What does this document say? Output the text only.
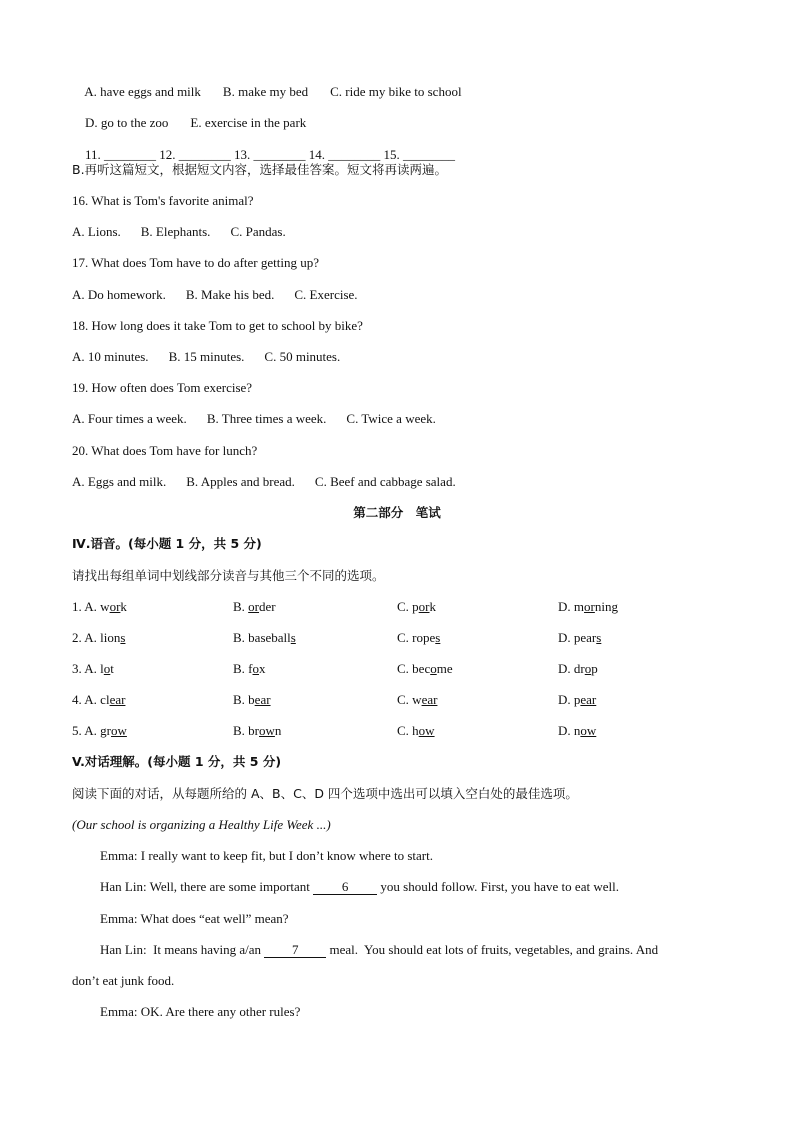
A. have eggs and milk B. make my bed C. ride my bike to school

D. go to the zoo E. exercise in the park

11. ________ 12. ________ 13. ________ 14. ________ 15. ________

B.再听这篇短文，根据短文内容，选择最佳答案。短文将再读两遍。
16. What is Tom's favorite animal?
A. Lions. B. Elephants. C. Pandas.
17. What does Tom have to do after getting up?
A. Do homework. B. Make his bed. C. Exercise.
18. How long does it take Tom to get to school by bike?
A. 10 minutes. B. 15 minutes. C. 50 minutes.
19. How often does Tom exercise?
A. Four times a week. B. Three times a week. C. Twice a week.
20. What does Tom have for lunch?
A. Eggs and milk. B. Apples and bread. C. Beef and cabbage salad.
第二部分　笔试
Ⅳ.语音。(每小题 1 分，共 5 分)
请找出每组单词中划线部分读音与其他三个不同的选项。
1. A. work	B. order	C. pork	D. morning
2. A. lions	B. baseballs	C. ropes	D. pears
3. A. lot	B. fox	C. become	D. drop
4. A. clear	B. bear	C. wear	D. pear
5. A. grow	B. brown	C. how	D. now
V.对话理解。(每小题 1 分，共 5 分)
阅读下面的对话，从每题所给的 A、B、C、D 四个选项中选出可以填入空白处的最佳选项。
(Our school is organizing a Healthy Life Week ...)
Emma: I really want to keep fit, but I don’t know where to start.
Han Lin: Well, there are some important 6 you should follow. First, you have to eat well.
Emma: What does “eat well” mean?
Han Lin:  It means having a/an 7 meal.  You should eat lots of fruits, vegetables, and grains. And
don’t eat junk food.
Emma: OK. Are there any other rules?
